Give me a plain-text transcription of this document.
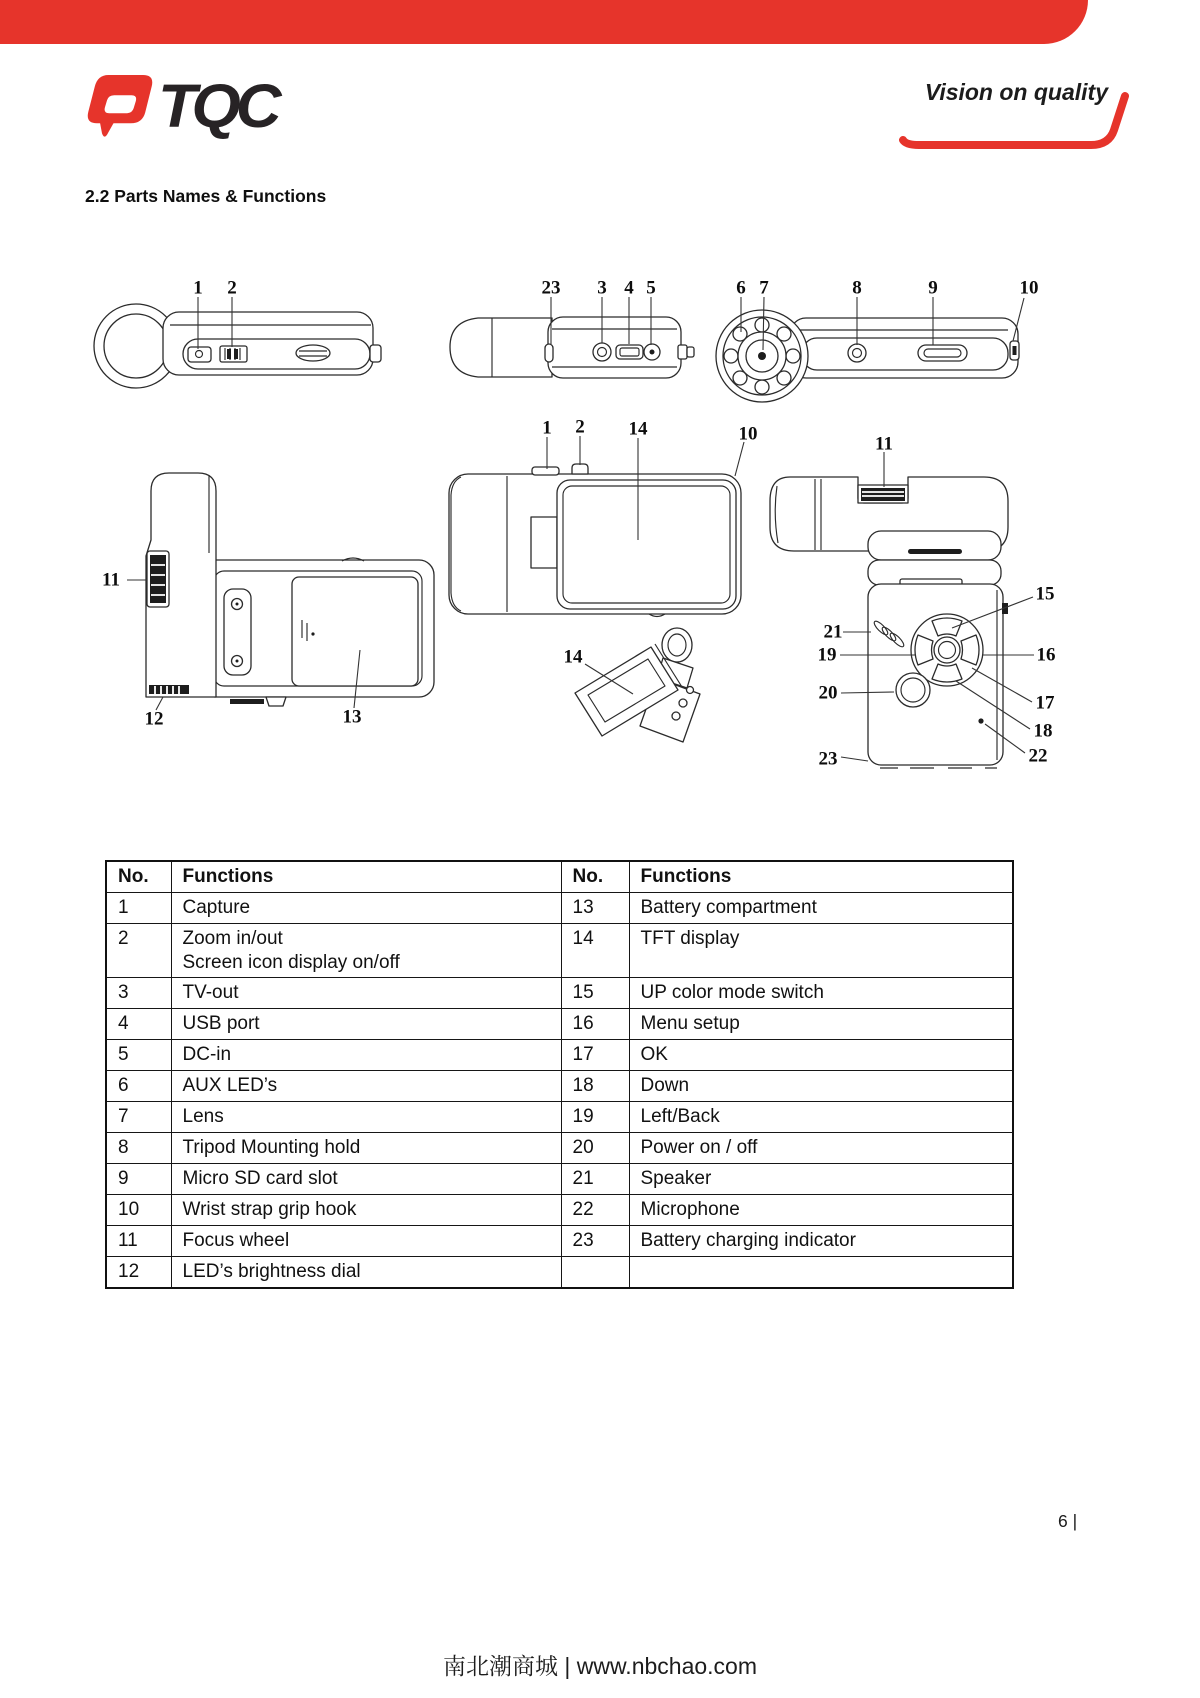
TQC	Vision on quality
2.2 Parts Names & Functions
1 2	23 3 4 5	6 7	8	9	10
1 2 14	10	11
11
12	13
14
21
19
20
23
15
16
17
18
22
No.	Functions	No.	Functions
1	Capture	13	Battery compartment
2	Zoom in/out
Screen icon display on/off	14	TFT display
3	TV-out	15	UP color mode switch
4	USB port	16	Menu setup
5	DC-in	17	OK
6	AUX LED’s	18	Down
7	Lens	19	Left/Back
8	Tripod Mounting hold	20	Power on / off
9	Micro SD card slot	21	Speaker
10	Wrist strap grip hook	22	Microphone
11	Focus wheel	23	Battery charging indicator
12	LED’s brightness dial		
6 |
南北潮商城 | www.nbchao.com
